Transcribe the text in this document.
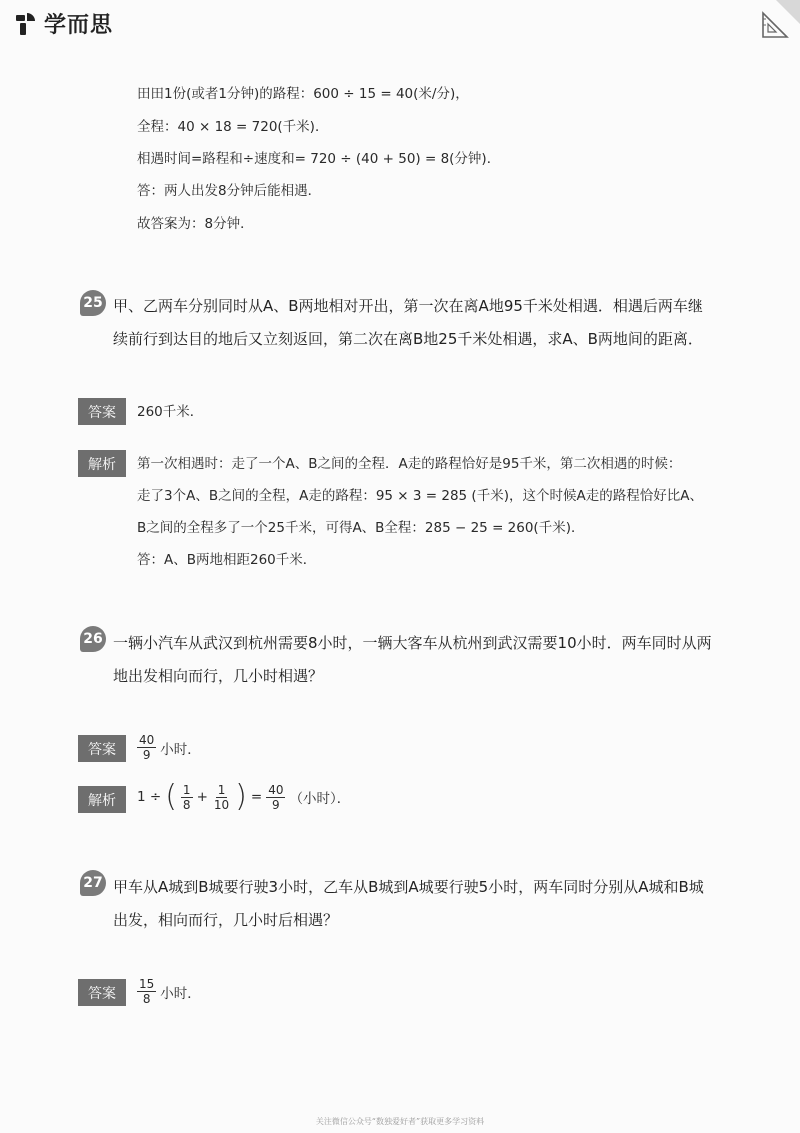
学而思
田田1份(或者1分钟)的路程：600 ÷ 15 = 40(米/分)，
全程：40 × 18 = 720(千米)．
相遇时间=路程和÷速度和= 720 ÷ (40 + 50) = 8(分钟)．
答：两人出发8分钟后能相遇．
故答案为：8分钟．
25 甲、乙两车分别同时从A、B两地相对开出，第一次在离A地95千米处相遇．相遇后两车继
续前行到达目的地后又立刻返回，第二次在离B地25千米处相遇，求A、B两地间的距离．
答案	260千米．
解析	第一次相遇时：走了一个A、B之间的全程．A走的路程恰好是95千米，第二次相遇的时候：
走了3个A、B之间的全程，A走的路程：95 × 3 = 285 (千米)，这个时候A走的路程恰好比A、
B之间的全程多了一个25千米，可得A、B全程：285 − 25 = 260(千米)．
答：A、B两地相距260千米．
26 一辆小汽车从武汉到杭州需要8小时，一辆大客车从杭州到武汉需要10小时．两车同时从两
地出发相向而行，几小时相遇？
答案	$\frac{40}{9}$ 小时．
解析	1 ÷ ( $\frac{1}{8} + \frac{1}{10}$ ) = $\frac{40}{9}$ （小时）．
27 甲车从A城到B城要行驶3小时，乙车从B城到A城要行驶5小时，两车同时分别从A城和B城
出发，相向而行，几小时后相遇？
答案	$\frac{15}{8}$ 小时．
关注微信公众号“数独爱好者”获取更多学习资料
